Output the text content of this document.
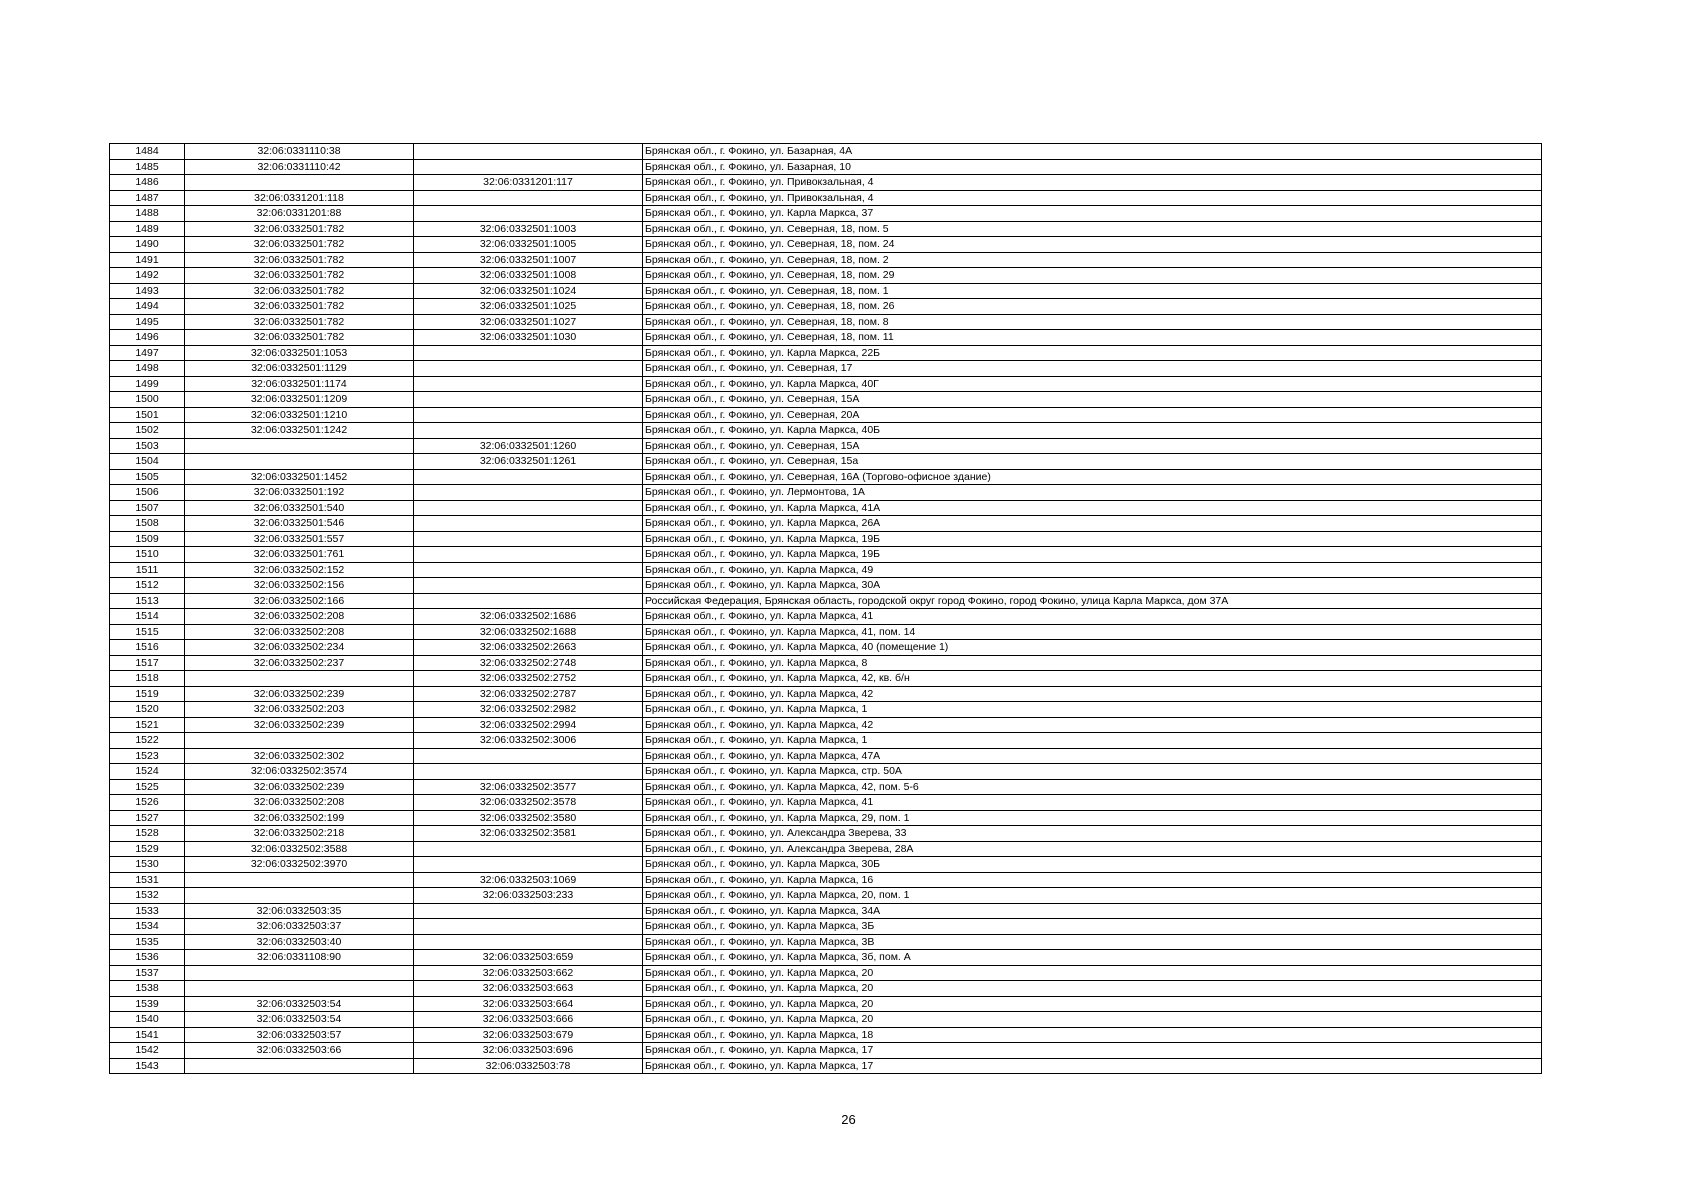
1484	32:06:0331110:38		Брянская обл., г. Фокино, ул. Базарная, 4А
1485	32:06:0331110:42		Брянская обл., г. Фокино, ул. Базарная, 10
1486		32:06:0331201:117	Брянская обл., г. Фокино, ул. Привокзальная, 4
1487	32:06:0331201:118		Брянская обл., г. Фокино, ул. Привокзальная, 4
1488	32:06:0331201:88		Брянская обл., г. Фокино, ул. Карла Маркса, 37
1489	32:06:0332501:782	32:06:0332501:1003	Брянская обл., г. Фокино, ул. Северная, 18, пом. 5
1490	32:06:0332501:782	32:06:0332501:1005	Брянская обл., г. Фокино, ул. Северная, 18, пом. 24
1491	32:06:0332501:782	32:06:0332501:1007	Брянская обл., г. Фокино, ул. Северная, 18, пом. 2
1492	32:06:0332501:782	32:06:0332501:1008	Брянская обл., г. Фокино, ул. Северная, 18, пом. 29
1493	32:06:0332501:782	32:06:0332501:1024	Брянская обл., г. Фокино, ул. Северная, 18, пом. 1
1494	32:06:0332501:782	32:06:0332501:1025	Брянская обл., г. Фокино, ул. Северная, 18, пом. 26
1495	32:06:0332501:782	32:06:0332501:1027	Брянская обл., г. Фокино, ул. Северная, 18, пом. 8
1496	32:06:0332501:782	32:06:0332501:1030	Брянская обл., г. Фокино, ул. Северная, 18, пом. 11
1497	32:06:0332501:1053		Брянская обл., г. Фокино, ул. Карла Маркса, 22Б
1498	32:06:0332501:1129		Брянская обл., г. Фокино, ул. Северная, 17
1499	32:06:0332501:1174		Брянская обл., г. Фокино, ул. Карла Маркса, 40Г
1500	32:06:0332501:1209		Брянская обл., г. Фокино, ул. Северная, 15А
1501	32:06:0332501:1210		Брянская обл., г. Фокино, ул. Северная, 20А
1502	32:06:0332501:1242		Брянская обл., г. Фокино, ул. Карла Маркса, 40Б
1503		32:06:0332501:1260	Брянская обл., г. Фокино, ул. Северная, 15А
1504		32:06:0332501:1261	Брянская обл., г. Фокино, ул. Северная, 15а
1505	32:06:0332501:1452		Брянская обл., г. Фокино, ул. Северная, 16А (Торгово-офисное здание)
1506	32:06:0332501:192		Брянская обл., г. Фокино, ул. Лермонтова, 1А
1507	32:06:0332501:540		Брянская обл., г. Фокино, ул. Карла Маркса, 41А
1508	32:06:0332501:546		Брянская обл., г. Фокино, ул. Карла Маркса, 26А
1509	32:06:0332501:557		Брянская обл., г. Фокино, ул. Карла Маркса, 19Б
1510	32:06:0332501:761		Брянская обл., г. Фокино, ул. Карла Маркса, 19Б
1511	32:06:0332502:152		Брянская обл., г. Фокино, ул. Карла Маркса, 49
1512	32:06:0332502:156		Брянская обл., г. Фокино, ул. Карла Маркса, 30А
1513	32:06:0332502:166		Российская Федерация, Брянская область, городской округ город Фокино, город Фокино, улица Карла Маркса, дом 37А
1514	32:06:0332502:208	32:06:0332502:1686	Брянская обл., г. Фокино, ул. Карла Маркса, 41
1515	32:06:0332502:208	32:06:0332502:1688	Брянская обл., г. Фокино, ул. Карла Маркса, 41, пом. 14
1516	32:06:0332502:234	32:06:0332502:2663	Брянская обл., г. Фокино, ул. Карла Маркса, 40 (помещение 1)
1517	32:06:0332502:237	32:06:0332502:2748	Брянская обл., г. Фокино, ул. Карла Маркса, 8
1518		32:06:0332502:2752	Брянская обл., г. Фокино, ул. Карла Маркса, 42, кв. б/н
1519	32:06:0332502:239	32:06:0332502:2787	Брянская обл., г. Фокино, ул. Карла Маркса, 42
1520	32:06:0332502:203	32:06:0332502:2982	Брянская обл., г. Фокино, ул. Карла Маркса, 1
1521	32:06:0332502:239	32:06:0332502:2994	Брянская обл., г. Фокино, ул. Карла Маркса, 42
1522		32:06:0332502:3006	Брянская обл., г. Фокино, ул. Карла Маркса, 1
1523	32:06:0332502:302		Брянская обл., г. Фокино, ул. Карла Маркса, 47А
1524	32:06:0332502:3574		Брянская обл., г. Фокино, ул. Карла Маркса, стр. 50А
1525	32:06:0332502:239	32:06:0332502:3577	Брянская обл., г. Фокино, ул. Карла Маркса, 42, пом. 5-6
1526	32:06:0332502:208	32:06:0332502:3578	Брянская обл., г. Фокино, ул. Карла Маркса, 41
1527	32:06:0332502:199	32:06:0332502:3580	Брянская обл., г. Фокино, ул. Карла Маркса, 29, пом. 1
1528	32:06:0332502:218	32:06:0332502:3581	Брянская обл., г. Фокино, ул. Александра Зверева, 33
1529	32:06:0332502:3588		Брянская обл., г. Фокино, ул. Александра Зверева, 28А
1530	32:06:0332502:3970		Брянская обл., г. Фокино, ул. Карла Маркса, 30Б
1531		32:06:0332503:1069	Брянская обл., г. Фокино, ул. Карла Маркса, 16
1532		32:06:0332503:233	Брянская обл., г. Фокино, ул. Карла Маркса, 20, пом. 1
1533	32:06:0332503:35		Брянская обл., г. Фокино, ул. Карла Маркса, 34А
1534	32:06:0332503:37		Брянская обл., г. Фокино, ул. Карла Маркса, 3Б
1535	32:06:0332503:40		Брянская обл., г. Фокино, ул. Карла Маркса, 3В
1536	32:06:0331108:90	32:06:0332503:659	Брянская обл., г. Фокино, ул. Карла Маркса, 3б, пом. А
1537		32:06:0332503:662	Брянская обл., г. Фокино, ул. Карла Маркса, 20
1538		32:06:0332503:663	Брянская обл., г. Фокино, ул. Карла Маркса, 20
1539	32:06:0332503:54	32:06:0332503:664	Брянская обл., г. Фокино, ул. Карла Маркса, 20
1540	32:06:0332503:54	32:06:0332503:666	Брянская обл., г. Фокино, ул. Карла Маркса, 20
1541	32:06:0332503:57	32:06:0332503:679	Брянская обл., г. Фокино, ул. Карла Маркса, 18
1542	32:06:0332503:66	32:06:0332503:696	Брянская обл., г. Фокино, ул. Карла Маркса, 17
1543		32:06:0332503:78	Брянская обл., г. Фокино, ул. Карла Маркса, 17
26
